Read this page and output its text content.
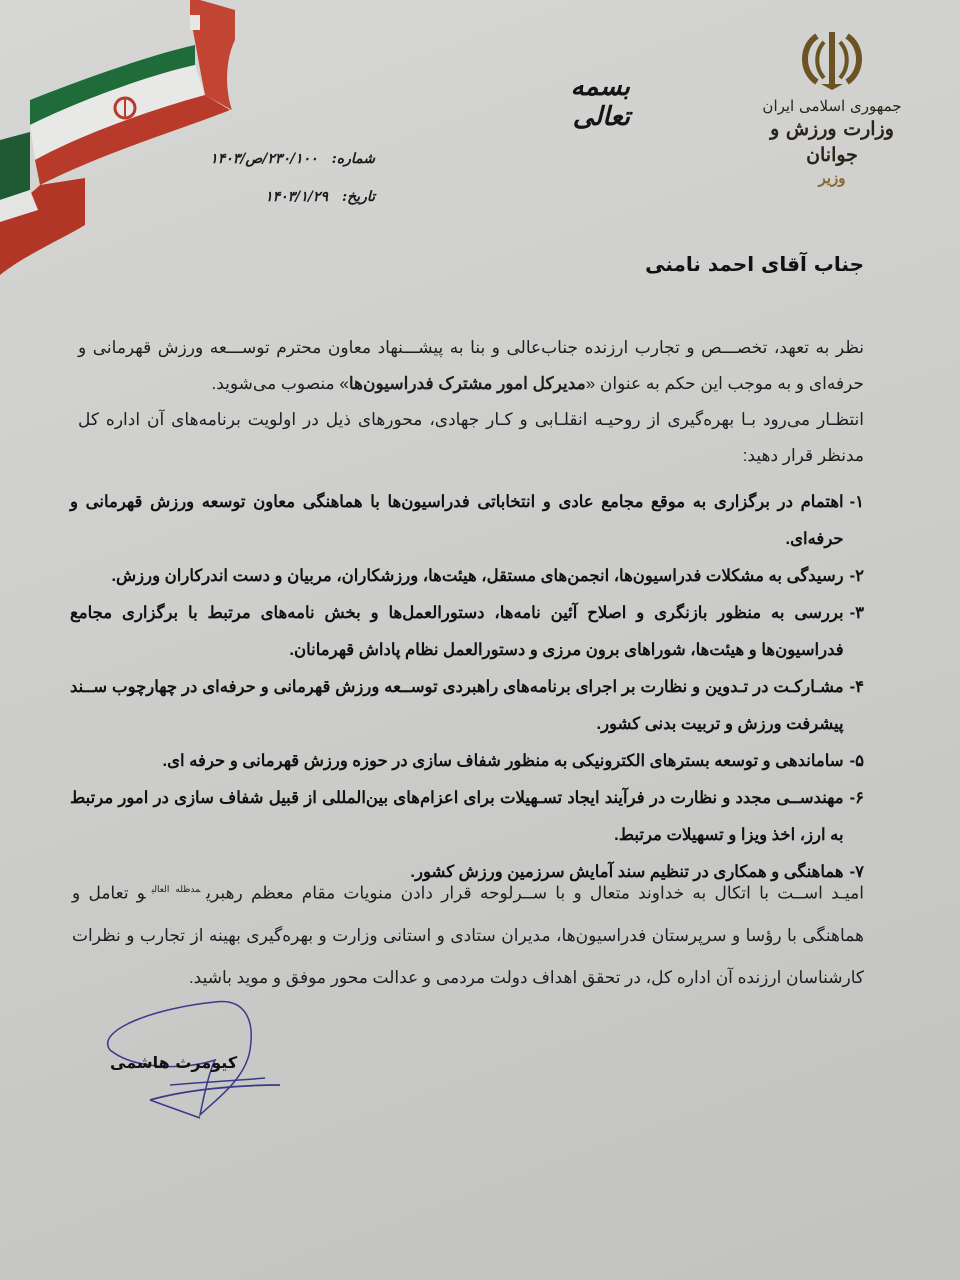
جمهوری اسلامی ایران
وزارت ورزش و جوانان
وزیر
بسمه تعالی
شماره:
۲۳۰/۱۰۰/ص/۱۴۰۳
تاریخ:
۱۴۰۳/۱/۲۹
جناب آقای احمد نامنی

نظر به تعهد، تخصـــص و تجارب ارزنده جناب‌عالی و بنا به پیشـــنهاد معاون محترم توســـعه ورزش قهرمانی و حرفه‌ای و به موجب این حکم به عنوان «مدیرکل امور مشترک فدراسیون‌ها» منصوب می‌شوید.

انتظـار می‌رود بـا بهره‌گیری از روحیـه انقلـابی و کـار جهادی، محورهای ذیل در اولویت برنامه‌های آن اداره کل مدنظر قرار دهید:

۱-
اهتمام در برگزاری به موقع مجامع عادی و انتخاباتی فدراسیون‌ها با هماهنگی معاون توسعه ورزش قهرمانی و حرفه‌ای.
۲-
رسیدگی به مشکلات فدراسیون‌ها، انجمن‌های مستقل، هیئت‌ها، ورزشکاران، مربیان و دست اندرکاران ورزش.
۳-
بررسی به منظور بازنگری و اصلاح آئین نامه‌ها، دستورالعمل‌ها و بخش نامه‌های مرتبط با برگزاری مجامع فدراسیون‌ها و هیئت‌ها، شوراهای برون مرزی و دستورالعمل نظام پاداش قهرمانان.
۴-
مشـارکـت در تـدوین و نظارت بر اجرای برنامه‌های راهبردی توســعه ورزش قهرمانی و حرفه‌ای در چهارچوب ســند پیشرفت ورزش و تربیت بدنی کشور.
۵-
ساماندهی و توسعه بسترهای الکترونیکی به منظور شفاف سازی در حوزه ورزش قهرمانی و حرفه ای.
۶-
مهندســی مجدد و نظارت در فرآیند ایجاد تسـهیلات برای اعزام‌های بین‌المللی از قبیل شفاف سازی در امور مرتبط به ارز، اخذ ویزا و تسهیلات مرتبط.
۷-
هماهنگی و همکاری در تنظیم سند آمایش سرزمین ورزش کشور.
امیـد اســت با اتکال به خداوند متعال و با ســرلوحه قرار دادن منویات مقام معظم رهبری$^{مدظله العالی}$و تعامل و هماهنگی با رؤسا و سرپرستان فدراسیون‌ها، مدیران ستادی و استانی وزارت و بهره‌گیری بهینه از تجارب و نظرات کارشناسان ارزنده آن اداره کل، در تحقق اهداف دولت مردمی و عدالت محور موفق و موید باشید.
کیومرث هاشمی
